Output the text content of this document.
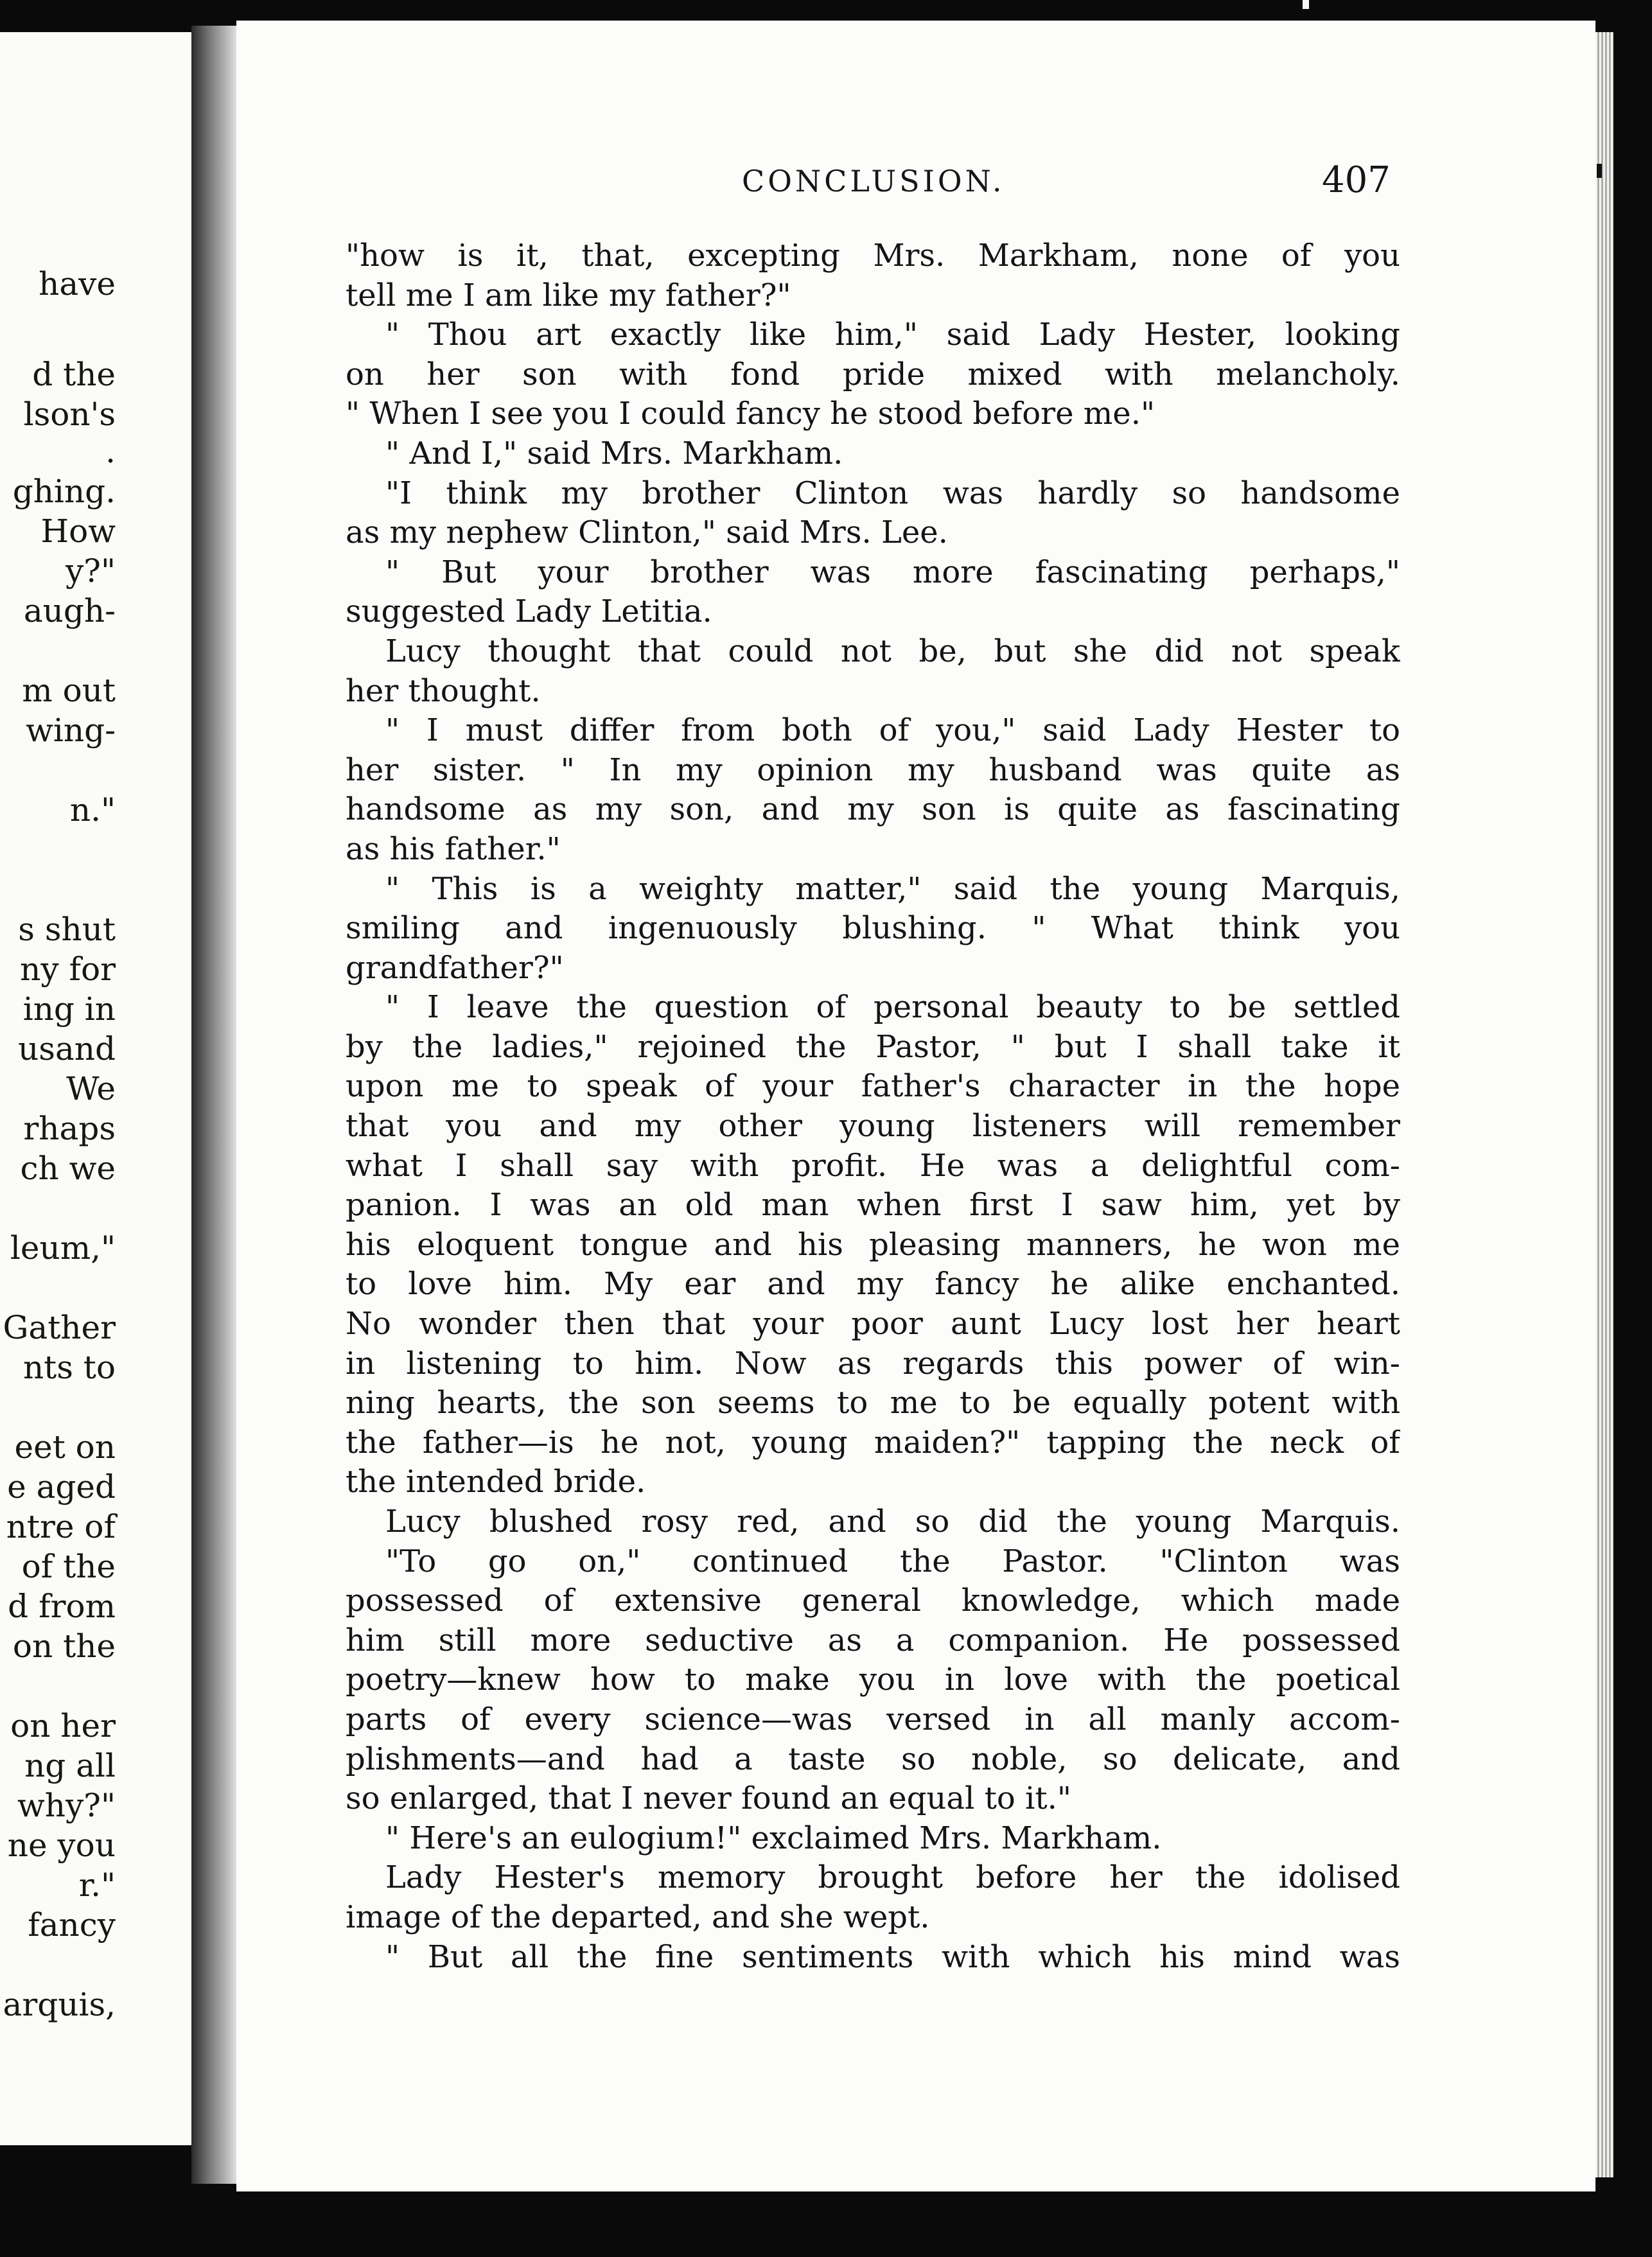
have
d the
lson's
.
ghing.
How
y?"
augh-
m out
wing-
n."
s shut
ny for
ing in
usand
We
rhaps
ch we
leum,"
Gather
nts to
eet on
e aged
ntre of
of the
d from
on the
on her
ng all
why?"
ne you
r."
fancy
arquis,
CONCLUSION.	407
"how is it, that, excepting Mrs. Markham, none of you
tell me I am like my father?"
" Thou art exactly like him," said Lady Hester, looking
on her son with fond pride mixed with melancholy.
" When I see you I could fancy he stood before me."
" And I," said Mrs. Markham.
"I think my brother Clinton was hardly so handsome
as my nephew Clinton," said Mrs. Lee.
" But your brother was more fascinating perhaps,"
suggested Lady Letitia.
Lucy thought that could not be, but she did not speak
her thought.
" I must differ from both of you," said Lady Hester to
her sister. " In my opinion my husband was quite as
handsome as my son, and my son is quite as fascinating
as his father."
" This is a weighty matter," said the young Marquis,
smiling and ingenuously blushing. " What think you
grandfather?"
" I leave the question of personal beauty to be settled
by the ladies," rejoined the Pastor, " but I shall take it
upon me to speak of your father's character in the hope
that you and my other young listeners will remember
what I shall say with profit. He was a delightful com-
panion. I was an old man when first I saw him, yet by
his eloquent tongue and his pleasing manners, he won me
to love him. My ear and my fancy he alike enchanted.
No wonder then that your poor aunt Lucy lost her heart
in listening to him. Now as regards this power of win-
ning hearts, the son seems to me to be equally potent with
the father—is he not, young maiden?" tapping the neck of
the intended bride.
Lucy blushed rosy red, and so did the young Marquis.
"To go on," continued the Pastor. "Clinton was
possessed of extensive general knowledge, which made
him still more seductive as a companion. He possessed
poetry—knew how to make you in love with the poetical
parts of every science—was versed in all manly accom-
plishments—and had a taste so noble, so delicate, and
so enlarged, that I never found an equal to it."
" Here's an eulogium!" exclaimed Mrs. Markham.
Lady Hester's memory brought before her the idolised
image of the departed, and she wept.
" But all the fine sentiments with which his mind was
